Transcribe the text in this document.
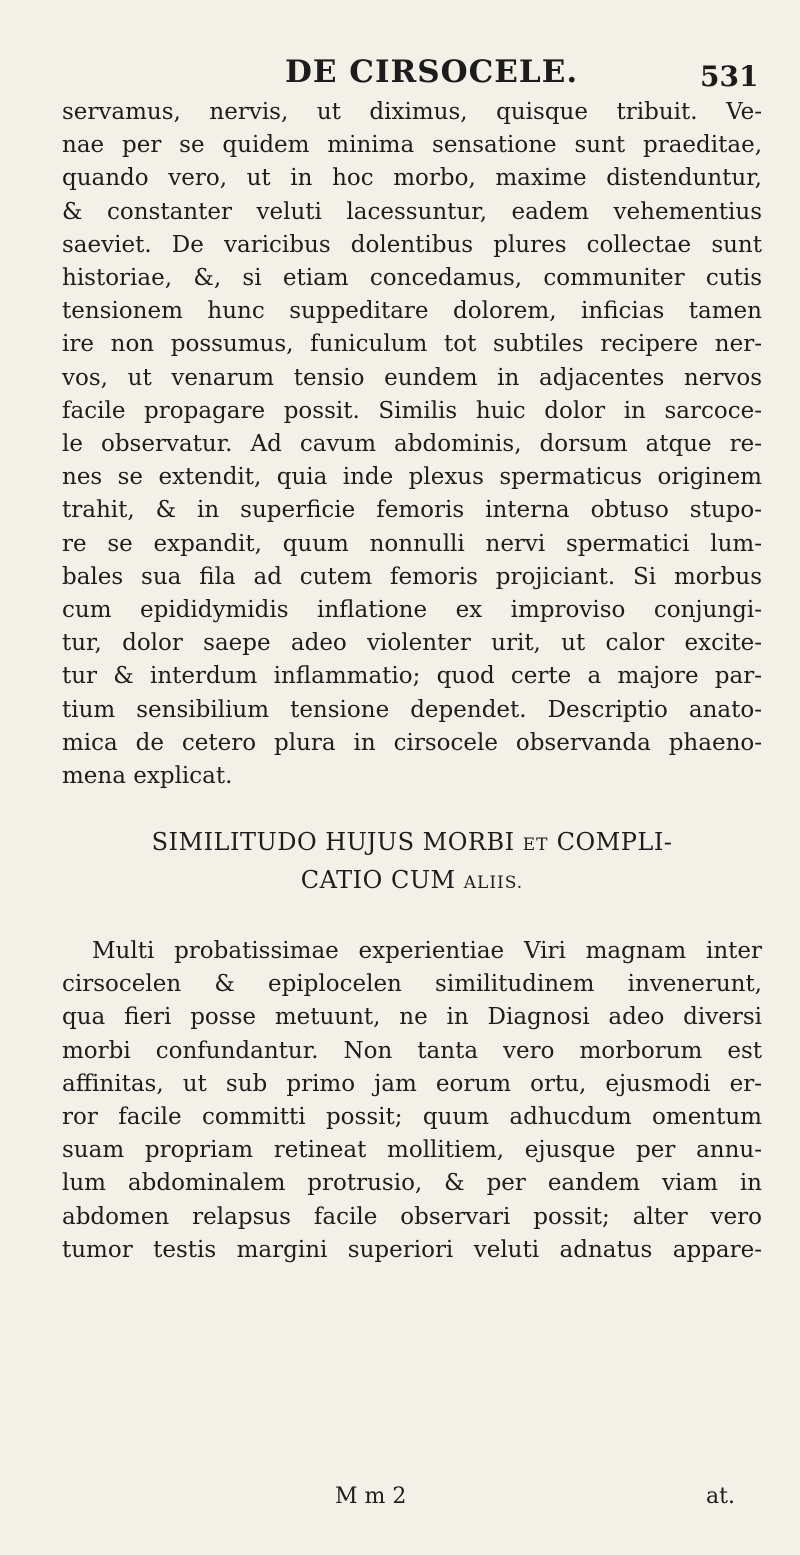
DE CIRSOCELE.	531
servamus, nervis, ut diximus, quisque tribuit. Ve-
nae per se quidem minima sensatione sunt praeditae,
quando vero, ut in hoc morbo, maxime distenduntur,
& constanter veluti lacessuntur, eadem vehementius
saeviet. De varicibus dolentibus plures collectae sunt
historiae, &, si etiam concedamus, communiter cutis
tensionem hunc suppeditare dolorem, inficias tamen
ire non possumus, funiculum tot subtiles recipere ner-
vos, ut venarum tensio eundem in adjacentes nervos
facile propagare possit. Similis huic dolor in sarcoce-
le observatur. Ad cavum abdominis, dorsum atque re-
nes se extendit, quia inde plexus spermaticus originem
trahit, & in superficie femoris interna obtuso stupo-
re se expandit, quum nonnulli nervi spermatici lum-
bales sua fila ad cutem femoris projiciant. Si morbus
cum epididymidis inflatione ex improviso conjungi-
tur, dolor saepe adeo violenter urit, ut calor excite-
tur & interdum inflammatio; quod certe a majore par-
tium sensibilium tensione dependet. Descriptio anato-
mica de cetero plura in cirsocele observanda phaeno-
mena explicat.
SIMILITUDO HUJUS MORBI ET COMPLI-
CATIO CUM ALIIS.
Multi probatissimae experientiae Viri magnam inter
cirsocelen & epiplocelen similitudinem invenerunt,
qua fieri posse metuunt, ne in Diagnosi adeo diversi
morbi confundantur. Non tanta vero morborum est
affinitas, ut sub primo jam eorum ortu, ejusmodi er-
ror facile committi possit; quum adhucdum omentum
suam propriam retineat mollitiem, ejusque per annu-
lum abdominalem protrusio, & per eandem viam in
abdomen relapsus facile observari possit; alter vero
tumor testis margini superiori veluti adnatus appare-
M m 2	at.
